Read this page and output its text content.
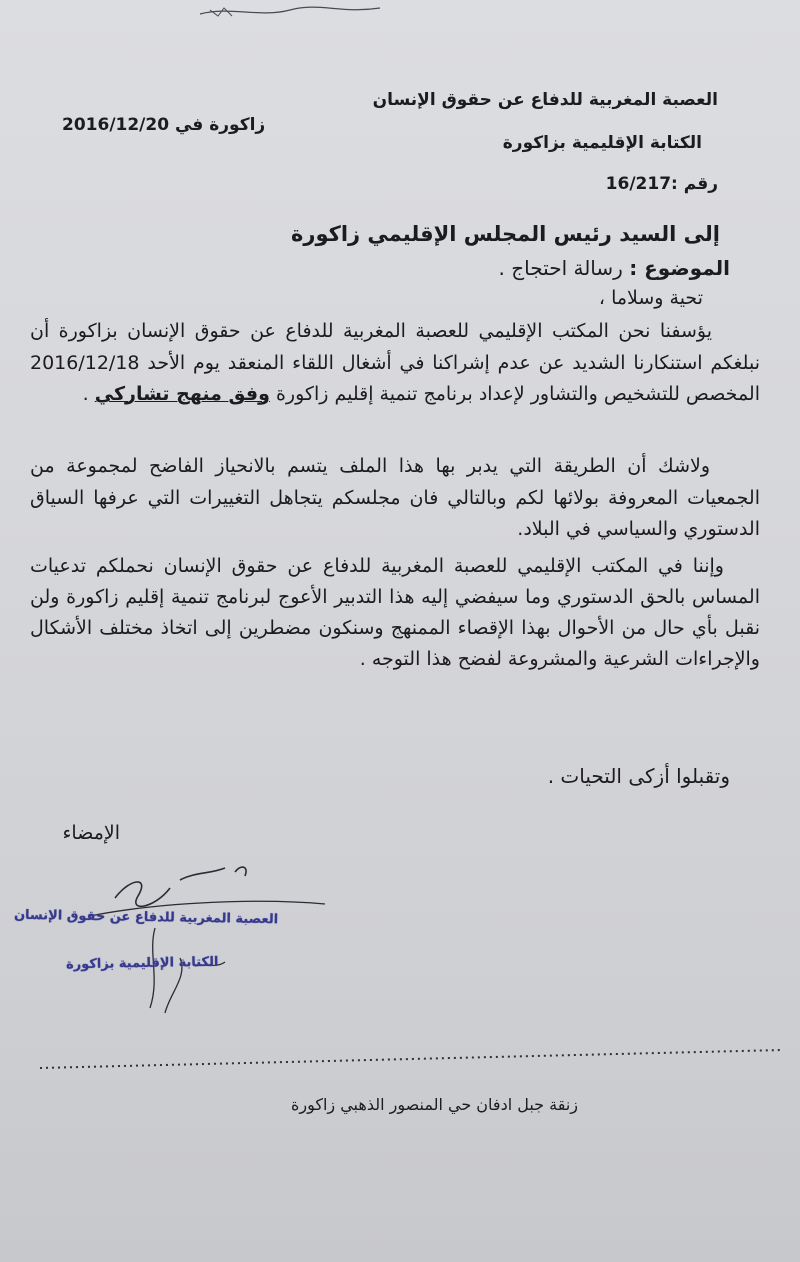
العصبة المغربية للدفاع عن حقوق الإنسان
الكتابة الإقليمية بزاكورة
زاكورة في 2016/12/20
رقم :16/217
إلى السيد رئيس المجلس الإقليمي زاكورة
الموضوع : رسالة احتجاج .
تحية وسلاما ،
يؤسفنا نحن المكتب الإقليمي للعصبة المغربية للدفاع عن حقوق الإنسان بزاكورة أن نبلغكم استنكارنا الشديد عن عدم إشراكنا في أشغال اللقاء المنعقد يوم الأحد 2016/12/18 المخصص للتشخيص والتشاور لإعداد برنامج تنمية إقليم زاكورة وفق منهج تشاركي .
ولاشك أن الطريقة التي يدبر بها هذا الملف يتسم بالانحياز الفاضح لمجموعة من الجمعيات المعروفة بولائها لكم وبالتالي فان مجلسكم يتجاهل التغييرات التي عرفها السياق الدستوري والسياسي في البلاد.
وإننا في المكتب الإقليمي للعصبة المغربية للدفاع عن حقوق الإنسان نحملكم تدعيات المساس بالحق الدستوري وما سيفضي إليه هذا التدبير الأعوج لبرنامج تنمية إقليم زاكورة ولن نقبل بأي حال من الأحوال بهذا الإقصاء الممنهج وسنكون مضطرين إلى اتخاذ مختلف الأشكال والإجراءات الشرعية والمشروعة لفضح هذا التوجه .
وتقبلوا أزكى التحيات .
الإمضاء
العصبة المغربية للدفاع عن حقوق الإنسان
الكتابة الإقليمية بزاكورة
زنقة جبل ادفان حي المنصور الذهبي زاكورة
